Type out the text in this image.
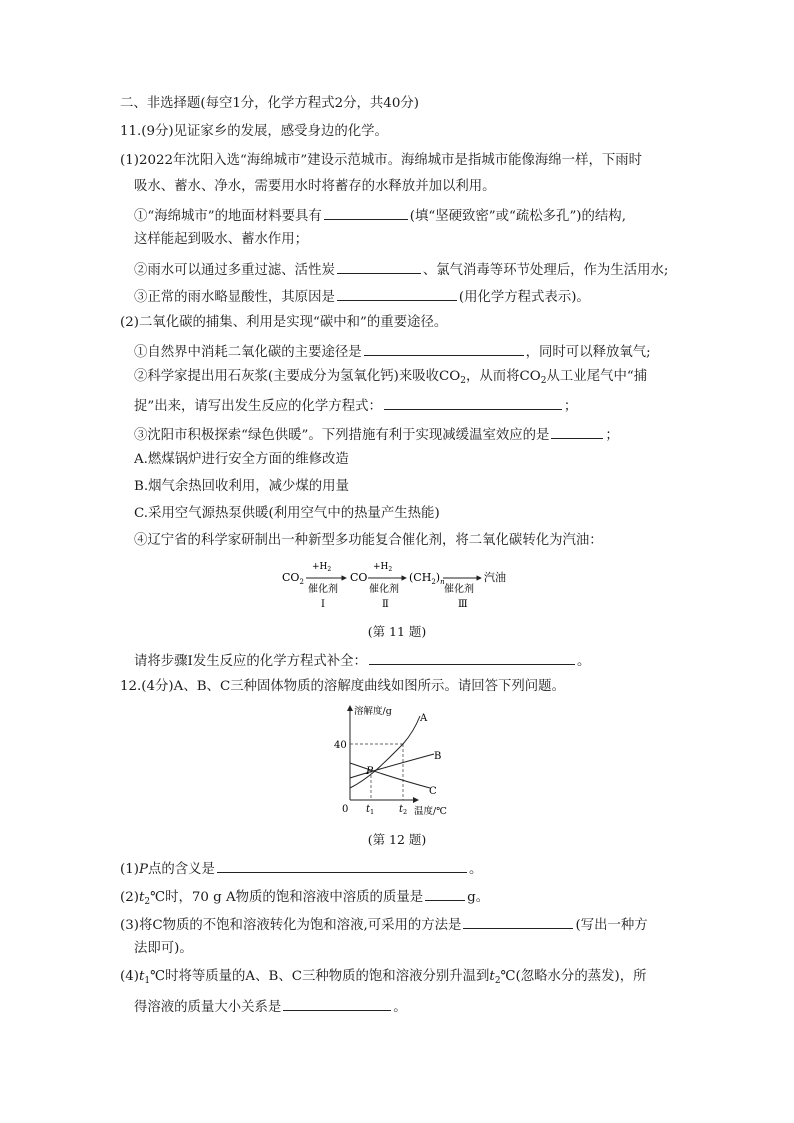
二、非选择题(每空1分，化学方程式2分，共40分)
11.(9分)见证家乡的发展，感受身边的化学。
(1)2022年沈阳入选“海绵城市”建设示范城市。海绵城市是指城市能像海绵一样，下雨时
吸水、蓄水、净水，需要用水时将蓄存的水释放并加以利用。
①“海绵城市”的地面材料要具有	(填“坚硬致密”或“疏松多孔”)的结构,
这样能起到吸水、蓄水作用；
②雨水可以通过多重过滤、活性炭	、氯气消毒等环节处理后，作为生活用水;
③正常的雨水略显酸性，其原因是	(用化学方程式表示)。
(2)二氧化碳的捕集、利用是实现“碳中和”的重要途径。
①自然界中消耗二氧化碳的主要途径是	，同时可以释放氧气;
②科学家提出用石灰浆(主要成分为氢氧化钙)来吸收$CO_2$，从而将$CO_2$从工业尾气中“捕
捉”出来，请写出发生反应的化学方程式：	；
③沈阳市积极探索“绿色供暖”。下列措施有利于实现减缓温室效应的是	；
A.燃煤锅炉进行安全方面的维修改造
B.烟气余热回收利用，减少煤的用量
C.采用空气源热泵供暖(利用空气中的热量产生热能)
④辽宁省的科学家研制出一种新型多功能复合催化剂，将二氧化碳转化为汽油：
$CO_2$
$+H_2$
催化剂
Ⅰ
CO
$+H_2$
催化剂
Ⅱ
$(CH_2)_n$
催化剂
Ⅲ
汽油
(第 11 题)
请将步骤Ⅰ发生反应的化学方程式补全：	。
12.(4分)A、B、C三种固体物质的溶解度曲线如图所示。请回答下列问题。
溶解度/g
温度/℃
0
40
$t_1$ $t_2$
A
B
C
P
(第 12 题)
(1)P点的含义是	。
$(2)t_2℃$时，70 g A物质的饱和溶液中溶质的质量是	g。
(3)将C物质的不饱和溶液转化为饱和溶液,可采用的方法是	(写出一种方
法即可)。
$(4)t_1℃$时将等质量的A、B、C三种物质的饱和溶液分别升温到$t_2℃$(忽略水分的蒸发)，所
得溶液的质量大小关系是	。
